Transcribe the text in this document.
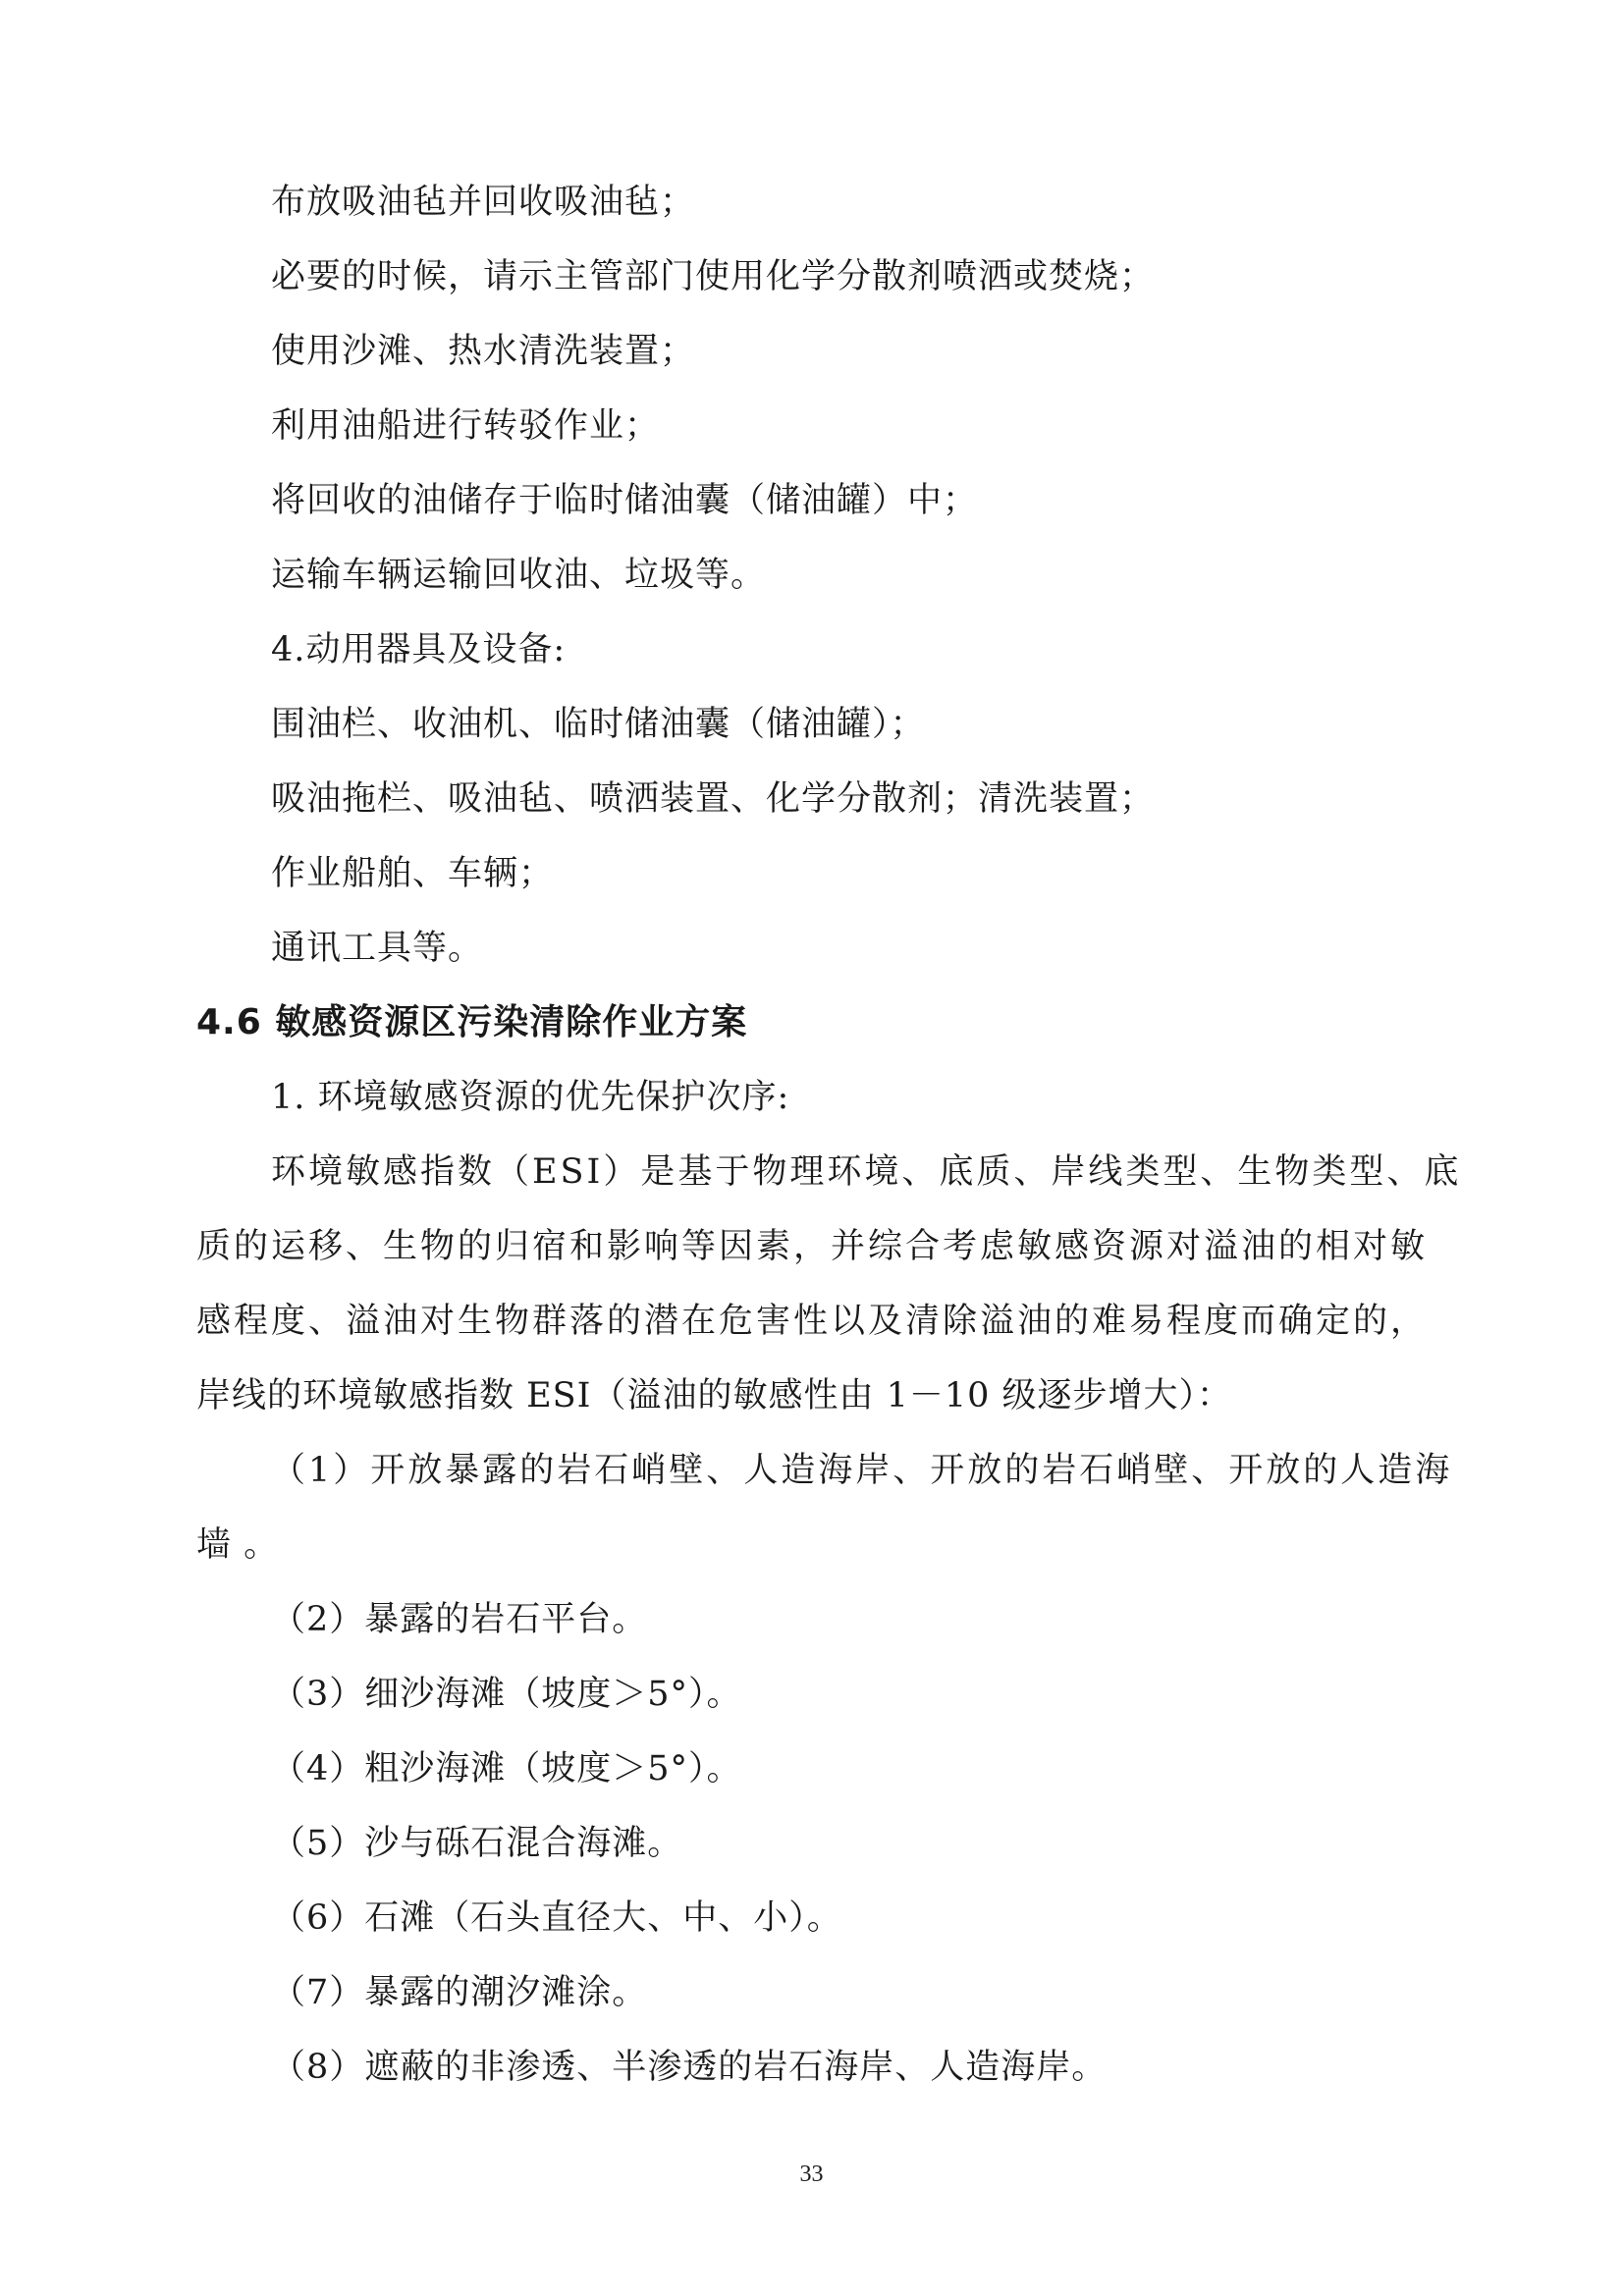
布放吸油毡并回收吸油毡；
必要的时候，请示主管部门使用化学分散剂喷洒或焚烧；
使用沙滩、热水清洗装置；
利用油船进行转驳作业；
将回收的油储存于临时储油囊（储油罐）中；
运输车辆运输回收油、垃圾等。
4.动用器具及设备:
围油栏、收油机、临时储油囊（储油罐）；
吸油拖栏、吸油毡、喷洒装置、化学分散剂；清洗装置；
作业船舶、车辆；
通讯工具等。
4.6 敏感资源区污染清除作业方案
1. 环境敏感资源的优先保护次序:
环境敏感指数（ESI）是基于物理环境、底质、岸线类型、生物类型、底
质的运移、生物的归宿和影响等因素，并综合考虑敏感资源对溢油的相对敏
感程度、溢油对生物群落的潜在危害性以及清除溢油的难易程度而确定的，
岸线的环境敏感指数 ESI（溢油的敏感性由 1－10 级逐步增大）：
（1）开放暴露的岩石峭壁、人造海岸、开放的岩石峭壁、开放的人造海
墙 。
（2）暴露的岩石平台。
（3）细沙海滩（坡度＞5°）。
（4）粗沙海滩（坡度＞5°）。
（5）沙与砾石混合海滩。
（6）石滩（石头直径大、中、小）。
（7）暴露的潮汐滩涂。
（8）遮蔽的非渗透、半渗透的岩石海岸、人造海岸。
33
